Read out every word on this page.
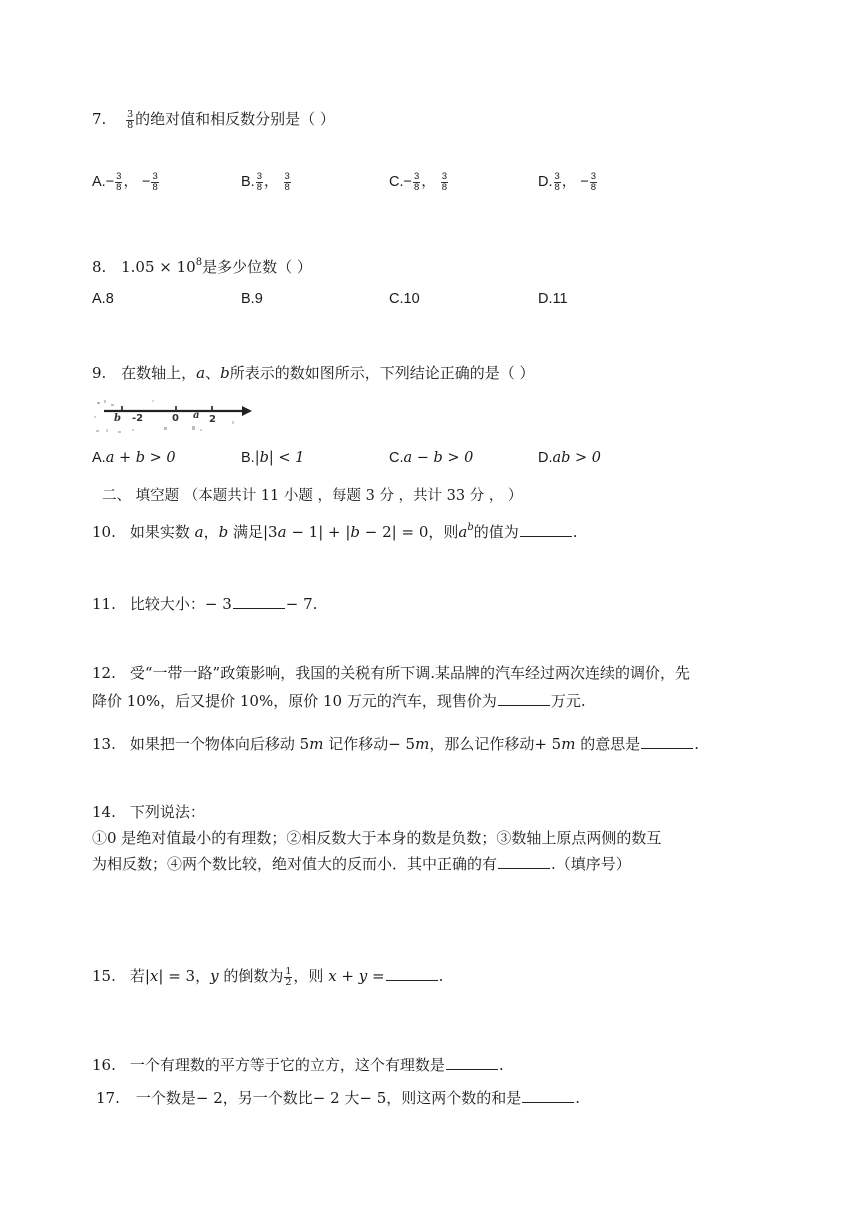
7. $\frac{3}{8}$ 的绝对值和相反数分别是（ ）
$A.- \frac{3}{8}$ ， − $\frac{3}{8}$	B. $\frac{3}{8}$ ， $\frac{3}{8}$	$C.- \frac{3}{8}$ ， $\frac{3}{8}$	D. $\frac{3}{8}$ ， − $\frac{3}{8}$
8. $1.05 \times 10^8$是多少位数（ ）
A.8	B.9	C.10	D.11
9. 在数轴上，a、b所表示的数如图所示，下列结论正确的是（ ）
b -2	0 a 2
A.a + b > 0	B.|b| < 1	C.a − b > 0	D.ab > 0
二、 填空题 （本题共计 11 小题 ，每题 3 分 ，共计 33 分 ， ）
10. 如果实数 a，b 满足|3a − 1| + |b − 2| = 0，则$a^b$的值为	.
11. 比较大小：− 3	− 7.
12. 受“一带一路”政策影响，我国的关税有所下调.某品牌的汽车经过两次连续的调价，先
降价 10%，后又提价 10%，原价 10 万元的汽车，现售价为	万元.
13. 如果把一个物体向后移动 5m 记作移动− 5m，那么记作移动+ 5m 的意思是	.
14. 下列说法：
①0 是绝对值最小的有理数；②相反数大于本身的数是负数；③数轴上原点两侧的数互
为相反数；④两个数比较，绝对值大的反而小．其中正确的有	.（填序号）
15. 若|x| = 3，y 的倒数为 $\frac{1}{2}$ ，则 x + y =	.
16. 一个有理数的平方等于它的立方，这个有理数是	.
17. 一个数是− 2，另一个数比− 2 大− 5，则这两个数的和是	.
